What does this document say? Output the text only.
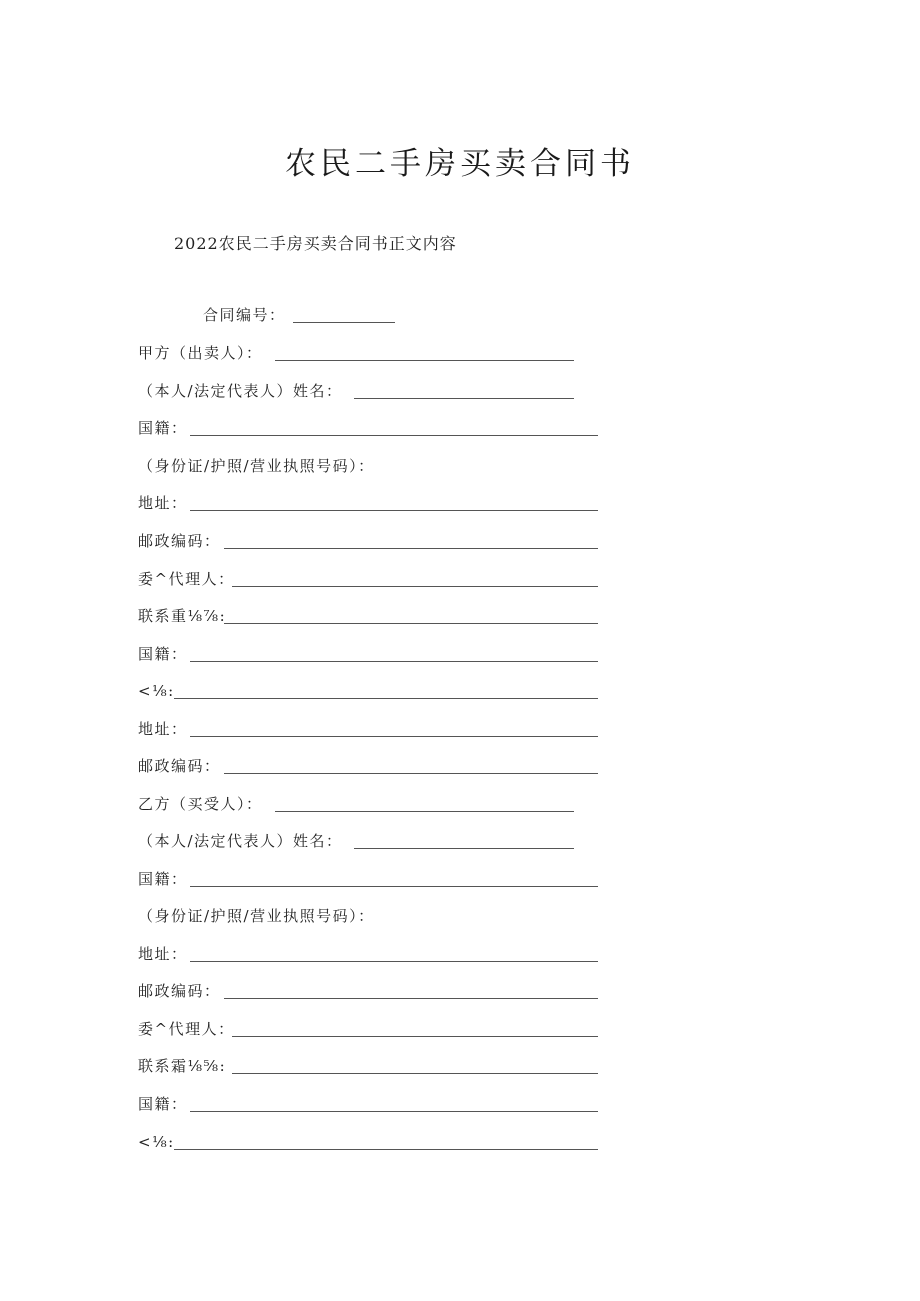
农民二手房买卖合同书
2022农民二手房买卖合同书正文内容
合同编号：
甲方（出卖人）：
（本人/法定代表人）姓名：
国籍：
（身份证/护照/营业执照号码）：
地址：
邮政编码：
委^代理人：
联系重⅛⅞:
国籍：
<⅛:
地址：
邮政编码：
乙方（买受人）：
（本人/法定代表人）姓名：
国籍：
（身份证/护照/营业执照号码）：
地址：
邮政编码：
委^代理人：
联系霜⅛⅝:
国籍：
<⅛:
